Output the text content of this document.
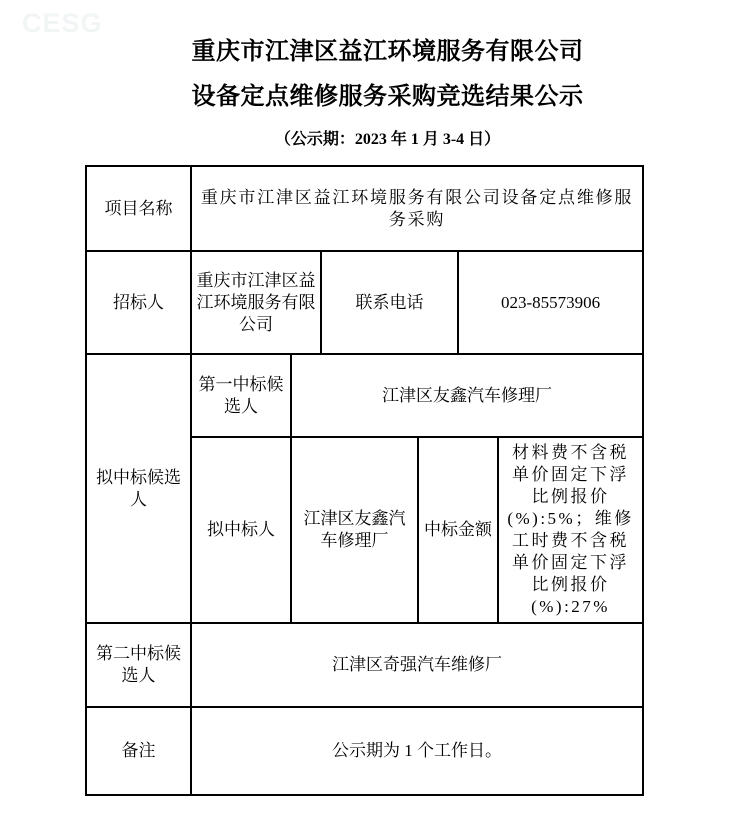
CESG
重庆市江津区益江环境服务有限公司
设备定点维修服务采购竞选结果公示
（公示期：2023 年 1 月 3-4 日）
项目名称	重庆市江津区益江环境服务有限公司设备定点维修服务采购					
招标人	重庆市江津区益江环境服务有限公司		联系电话		023-85573906	
拟中标候选人	第一中标候选人	江津区友鑫汽车修理厂				
	拟中标人	江津区友鑫汽车修理厂		中标金额		材料费不含税单价固定下浮比例报价(%):5%；维修工时费不含税单价固定下浮比例报价(%):27%
第二中标候选人	江津区奇强汽车维修厂					
备注	公示期为 1 个工作日。					
